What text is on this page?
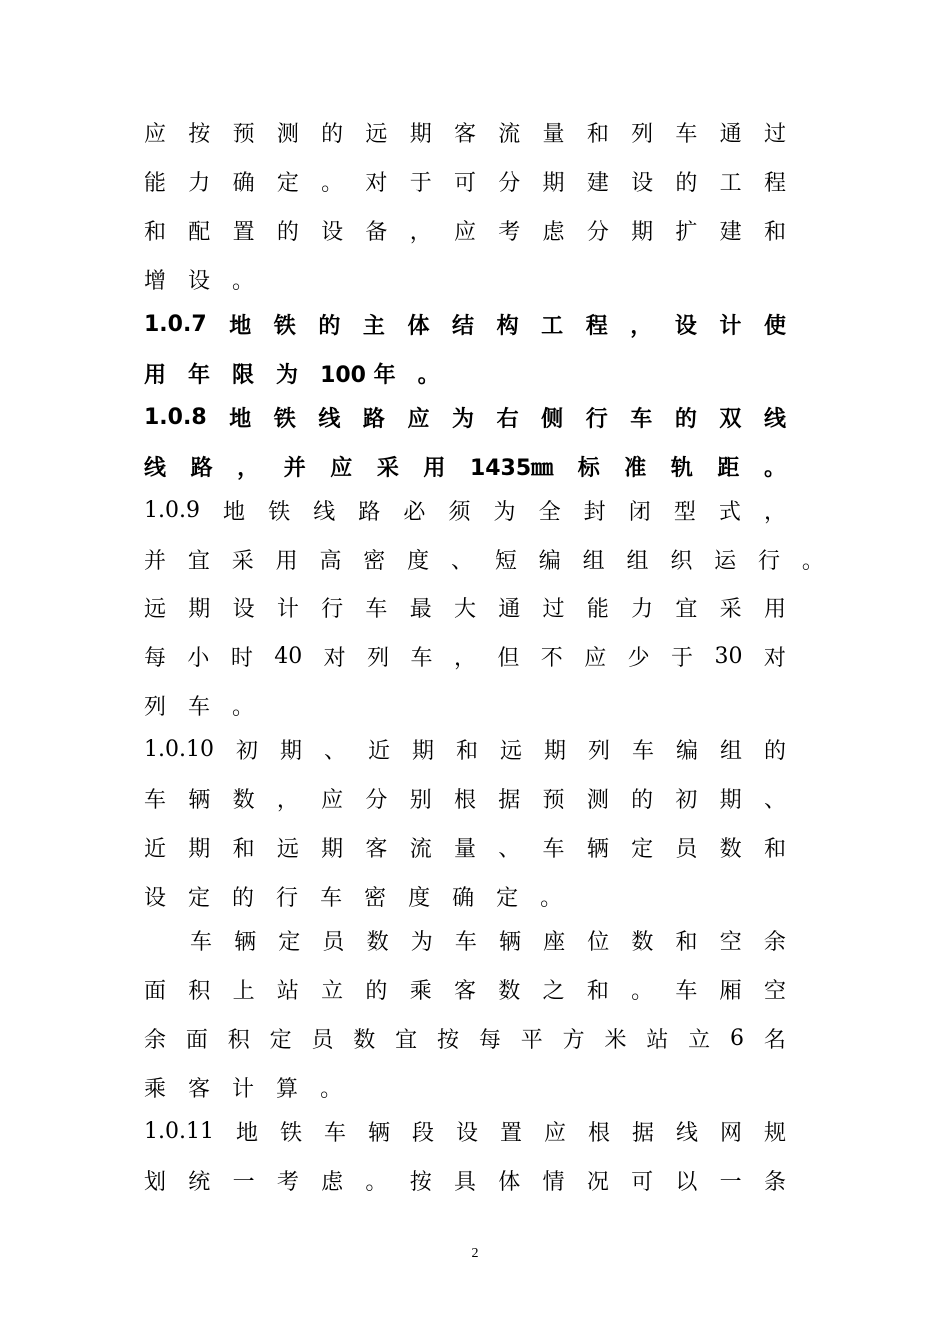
应 按 预 测 的 远 期 客 流 量 和 列 车 通 过
能 力 确 定 。 对 于 可 分 期 建 设 的 工 程
和 配 置 的 设 备 ， 应 考 虑 分 期 扩 建 和
增 设 。
1.0.7 地 铁 的 主 体 结 构 工 程 ， 设 计 使
用 年 限 为 100 年 。
1.0.8 地 铁 线 路 应 为 右 侧 行 车 的 双 线
线 路 ， 并 应 采 用 1435㎜ 标 准 轨 距 。
1.0.9 地 铁 线 路 必 须 为 全 封 闭 型 式 ，
并 宜 采 用 高 密 度 、 短 编 组 组 织 运 行 。
远 期 设 计 行 车 最 大 通 过 能 力 宜 采 用
每 小 时 40 对 列 车 ， 但 不 应 少 于 30 对
列 车 。
1.0.10 初 期 、 近 期 和 远 期 列 车 编 组 的
车 辆 数 ， 应 分 别 根 据 预 测 的 初 期 、
近 期 和 远 期 客 流 量 、 车 辆 定 员 数 和
设 定 的 行 车 密 度 确 定 。
车 辆 定 员 数 为 车 辆 座 位 数 和 空 余
面 积 上 站 立 的 乘 客 数 之 和 。 车 厢 空
余 面 积 定 员 数 宜 按 每 平 方 米 站 立 6 名
乘 客 计 算 。
1.0.11 地 铁 车 辆 段 设 置 应 根 据 线 网 规
划 统 一 考 虑 。 按 具 体 情 况 可 以 一 条
2
